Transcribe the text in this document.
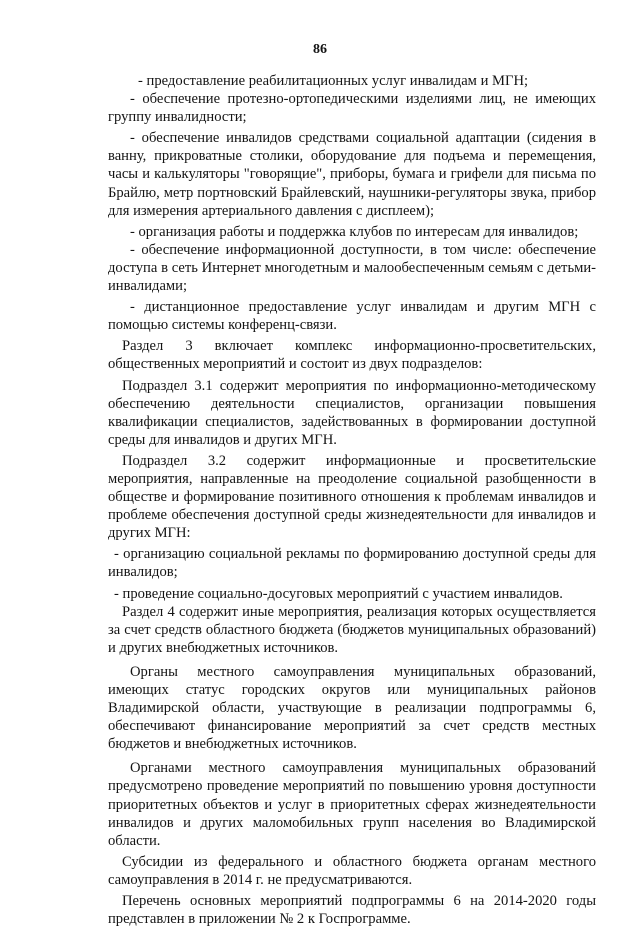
86

- предоставление реабилитационных услуг инвалидам и МГН;

- обеспечение протезно-ортопедическими изделиями лиц, не имеющих группу инвалидности;

- обеспечение инвалидов средствами социальной адаптации (сидения в ванну, прикроватные столики, оборудование для подъема и перемещения, часы и калькуляторы "говорящие", приборы, бумага и грифели для письма по Брайлю, метр портновский Брайлевский, наушники-регуляторы звука, прибор для измерения артериального давления с дисплеем);

- организация работы и поддержка клубов по интересам для инвалидов;

- обеспечение информационной доступности, в том числе: обеспечение доступа в сеть Интернет многодетным и малообеспеченным семьям с детьми-инвалидами;

- дистанционное предоставление услуг инвалидам и другим МГН с помощью системы конференц-связи.

Раздел 3 включает комплекс информационно-просветительских, общественных мероприятий и состоит из двух подразделов:

Подраздел 3.1 содержит мероприятия по информационно-методическому обеспечению деятельности специалистов, организации повышения квалификации специалистов, задействованных в формировании доступной среды для инвалидов и других МГН.

Подраздел 3.2 содержит информационные и просветительские мероприятия, направленные на преодоление социальной разобщенности в обществе и формирование позитивного отношения к проблемам инвалидов и проблеме обеспечения доступной среды жизнедеятельности для инвалидов и других МГН:

- организацию социальной рекламы по формированию доступной среды для инвалидов;

- проведение социально-досуговых мероприятий с участием инвалидов.

Раздел 4 содержит иные мероприятия, реализация которых осуществляется за счет средств областного бюджета (бюджетов муниципальных образований) и других внебюджетных источников.

Органы местного самоуправления муниципальных образований, имеющих статус городских округов или муниципальных районов Владимирской области, участвующие в реализации подпрограммы 6, обеспечивают финансирование мероприятий за счет средств местных бюджетов и внебюджетных источников.

Органами местного самоуправления муниципальных образований предусмотрено проведение мероприятий по повышению уровня доступности приоритетных объектов и услуг в приоритетных сферах жизнедеятельности инвалидов и других маломобильных групп населения во Владимирской области.

Субсидии из федерального и областного бюджета органам местного самоуправления в 2014 г. не предусматриваются.

Перечень основных мероприятий подпрограммы 6 на 2014-2020 годы представлен в приложении № 2 к Госпрограмме.
